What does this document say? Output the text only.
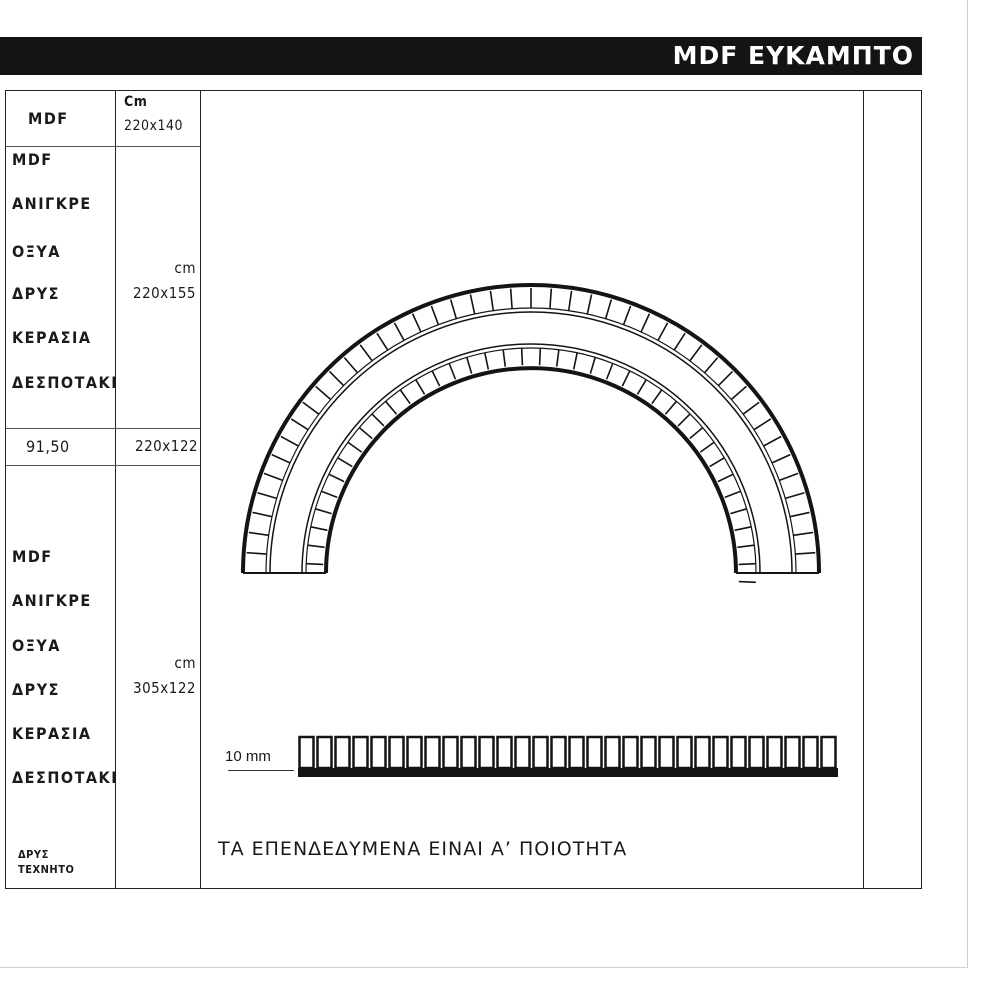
MDF ΕΥΚΑΜΠΤΟ
MDF
Cm
220x140
MDF
ΑΝΙΓΚΡΕ
ΟΞΥΑ
ΔΡΥΣ
ΚΕΡΑΣΙΑ
ΔΕΣΠΟΤΑΚΙ
cm
220x155
91,50	220x122
MDF
ΑΝΙΓΚΡΕ
ΟΞΥΑ
ΔΡΥΣ
ΚΕΡΑΣΙΑ
ΔΕΣΠΟΤΑΚΙ
cm
305x122
ΔΡΥΣ
ΤΕΧΝΗΤΟ
10 mm
ΤΑ ΕΠΕΝΔΕΔΥΜΕΝΑ ΕΙΝΑΙ Α’ ΠΟΙΟΤΗΤΑ
